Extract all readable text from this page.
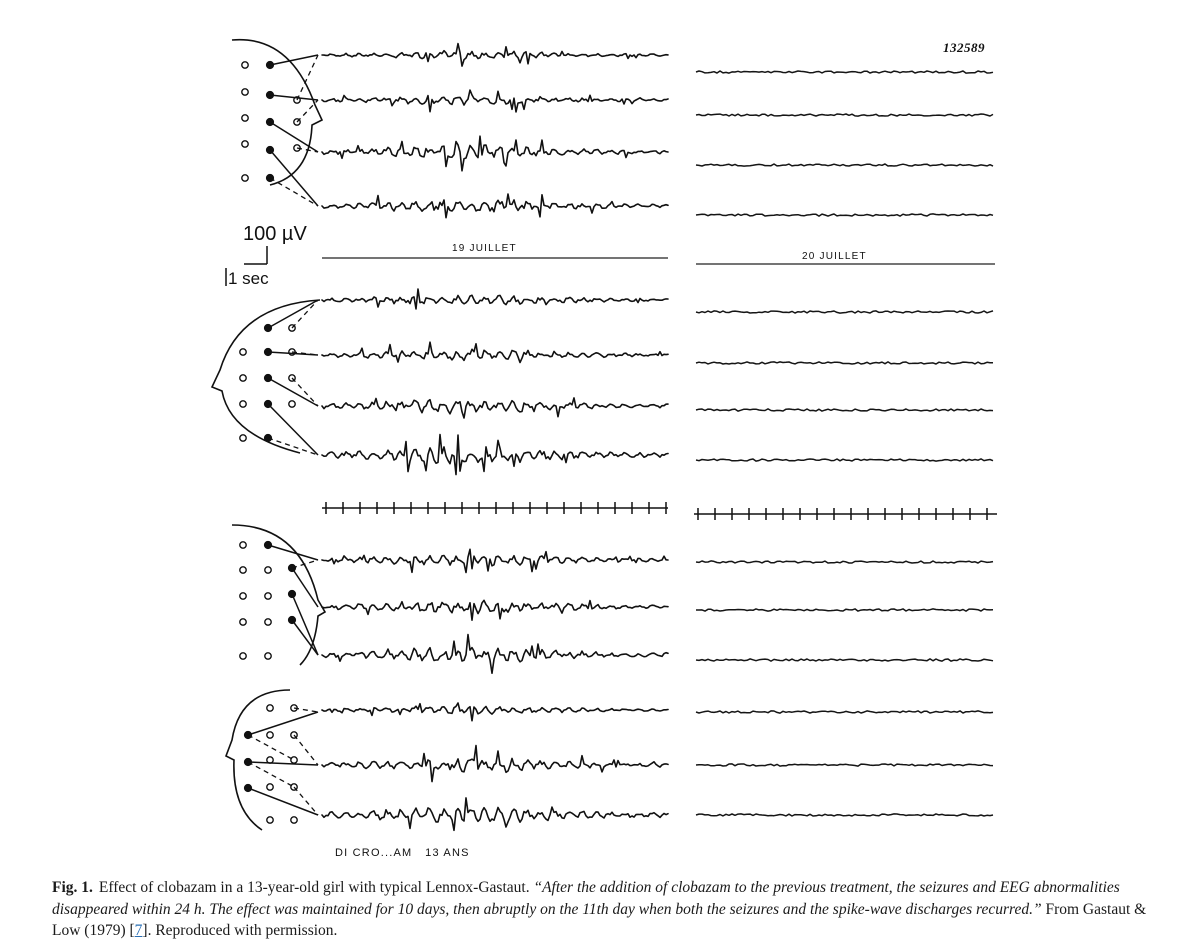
100 µV
1 sec
19 JUILLET
20 JUILLET
132589
DI CRO...AM   13 ANS

Fig. 1. Effect of clobazam in a 13-year-old girl with typical Lennox-Gastaut. “After the addition of clobazam to the previous treatment, the seizures and EEG abnormalities disappeared within 24 h. The effect was maintained for 10 days, then abruptly on the 11th day when both the seizures and the spike-wave discharges recurred.” From Gastaut & Low (1979) [7]. Reproduced with permission.
